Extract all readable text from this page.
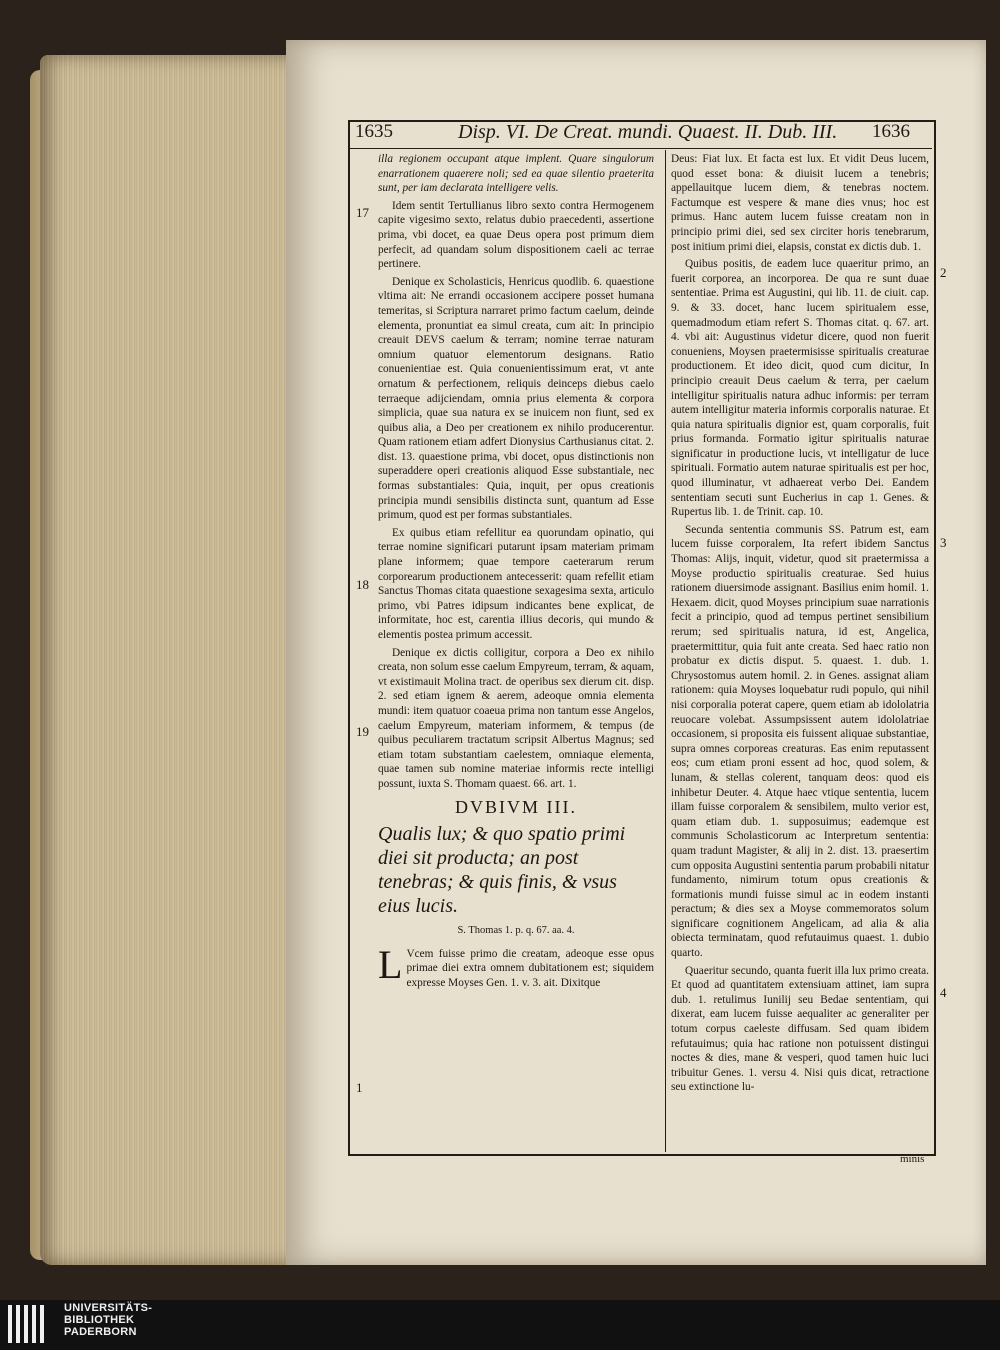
1635	Disp. VI. De Creat. mundi. Quaest. II. Dub. III. 1636
17
18
19
1
2
3
4

illa regionem occupant atque implent. Quare singulorum enarrationem quaerere noli; sed ea quae silentio praeterita sunt, per iam declarata intelligere velis.

Idem sentit Tertullianus libro sexto contra Hermogenem capite vigesimo sexto, relatus dubio praecedenti, assertione prima, vbi docet, ea quae Deus opera post primum diem perfecit, ad quandam solum dispositionem caeli ac terrae pertinere.

Denique ex Scholasticis, Henricus quodlib. 6. quaestione vltima ait: Ne errandi occasionem accipere posset humana temeritas, si Scriptura narraret primo factum caelum, deinde elementa, pronuntiat ea simul creata, cum ait: In principio creauit DEVS caelum & terram; nomine terrae naturam omnium quatuor elementorum designans. Ratio conuenientiae est. Quia conuenientissimum erat, vt ante ornatum & perfectionem, reliquis deinceps diebus caelo terraeque adijciendam, omnia prius elementa & corpora simplicia, quae sua natura ex se inuicem non fiunt, sed ex quibus alia, a Deo per creationem ex nihilo producerentur. Quam rationem etiam adfert Dionysius Carthusianus citat. 2. dist. 13. quaestione prima, vbi docet, opus distinctionis non superaddere operi creationis aliquod Esse substantiale, nec formas substantiales: Quia, inquit, per opus creationis principia mundi sensibilis distincta sunt, quantum ad Esse primum, quod est per formas substantiales.

Ex quibus etiam refellitur ea quorundam opinatio, qui terrae nomine significari putarunt ipsam materiam primam plane informem; quae tempore caeterarum rerum corporearum productionem antecesserit: quam refellit etiam Sanctus Thomas citata quaestione sexagesima sexta, articulo primo, vbi Patres idipsum indicantes bene explicat, de informitate, hoc est, carentia illius decoris, qui mundo & elementis postea primum accessit.

Denique ex dictis colligitur, corpora a Deo ex nihilo creata, non solum esse caelum Empyreum, terram, & aquam, vt existimauit Molina tract. de operibus sex dierum cit. disp. 2. sed etiam ignem & aerem, adeoque omnia elementa mundi: item quatuor coaeua prima non tantum esse Angelos, caelum Empyreum, materiam informem, & tempus (de quibus peculiarem tractatum scripsit Albertus Magnus; sed etiam totam substantiam caelestem, omniaque elementa, quae tamen sub nomine materiae informis recte intelligi possunt, iuxta S. Thomam quaest. 66. art. 1.

DVBIVM III.
Qualis lux; & quo spatio primi diei sit producta; an post tenebras; & quis finis, & vsus eius lucis.
S. Thomas 1. p. q. 67. aa. 4.

L Vcem fuisse primo die creatam, adeoque esse opus primae diei extra omnem dubitationem est; siquidem expresse Moyses Gen. 1. v. 3. ait. Dixitque

Deus: Fiat lux. Et facta est lux. Et vidit Deus lucem, quod esset bona: & diuisit lucem a tenebris; appellauitque lucem diem, & tenebras noctem. Factumque est vespere & mane dies vnus; hoc est primus. Hanc autem lucem fuisse creatam non in principio primi diei, sed sex circiter horis tenebrarum, post initium primi diei, elapsis, constat ex dictis dub. 1.

Quibus positis, de eadem luce quaeritur primo, an fuerit corporea, an incorporea. De qua re sunt duae sententiae. Prima est Augustini, qui lib. 11. de ciuit. cap. 9. & 33. docet, hanc lucem spiritualem esse, quemadmodum etiam refert S. Thomas citat. q. 67. art. 4. vbi ait: Augustinus videtur dicere, quod non fuerit conueniens, Moysen praetermisisse spiritualis creaturae productionem. Et ideo dicit, quod cum dicitur, In principio creauit Deus caelum & terra, per caelum intelligitur spiritualis natura adhuc informis: per terram autem intelligitur materia informis corporalis naturae. Et quia natura spiritualis dignior est, quam corporalis, fuit prius formanda. Formatio igitur spiritualis naturae significatur in productione lucis, vt intelligatur de luce spirituali. Formatio autem naturae spiritualis est per hoc, quod illuminatur, vt adhaereat verbo Dei. Eandem sententiam secuti sunt Eucherius in cap 1. Genes. & Rupertus lib. 1. de Trinit. cap. 10.

Secunda sententia communis SS. Patrum est, eam lucem fuisse corporalem, Ita refert ibidem Sanctus Thomas: Alijs, inquit, videtur, quod sit praetermissa a Moyse productio spiritualis creaturae. Sed huius rationem diuersimode assignant. Basilius enim homil. 1. Hexaem. dicit, quod Moyses principium suae narrationis fecit a principio, quod ad tempus pertinet sensibilium rerum; sed spiritualis natura, id est, Angelica, praetermittitur, quia fuit ante creata. Sed haec ratio non probatur ex dictis disput. 5. quaest. 1. dub. 1. Chrysostomus autem homil. 2. in Genes. assignat aliam rationem: quia Moyses loquebatur rudi populo, qui nihil nisi corporalia poterat capere, quem etiam ab idololatria reuocare volebat. Assumpsissent autem idololatriae occasionem, si proposita eis fuissent aliquae substantiae, supra omnes corporeas creaturas. Eas enim reputassent eos; cum etiam proni essent ad hoc, quod solem, & lunam, & stellas colerent, tanquam deos: quod eis inhibetur Deuter. 4. Atque haec vtique sententia, lucem illam fuisse corporalem & sensibilem, multo verior est, quam etiam dub. 1. supposuimus; eademque est communis Scholasticorum ac Interpretum sententia: quam tradunt Magister, & alij in 2. dist. 13. praesertim cum opposita Augustini sententia parum probabili nitatur fundamento, nimirum totum opus creationis & formationis mundi fuisse simul ac in eodem instanti peractum; & dies sex a Moyse commemoratos solum significare cognitionem Angelicam, ad alia & alia obiecta terminatam, quod refutauimus quaest. 1. dubio quarto.

Quaeritur secundo, quanta fuerit illa lux primo creata. Et quod ad quantitatem extensiuam attinet, iam supra dub. 1. retulimus Iunilij seu Bedae sententiam, qui dixerat, eam lucem fuisse aequaliter ac generaliter per totum corpus caeleste diffusam. Sed quam ibidem refutauimus; quia hac ratione non potuissent distingui noctes & dies, mane & vesperi, quod tamen huic luci tribuitur Genes. 1. versu 4. Nisi quis dicat, retractione seu extinctione lu-

minis
UNIVERSITÄTS-
BIBLIOTHEK
PADERBORN
